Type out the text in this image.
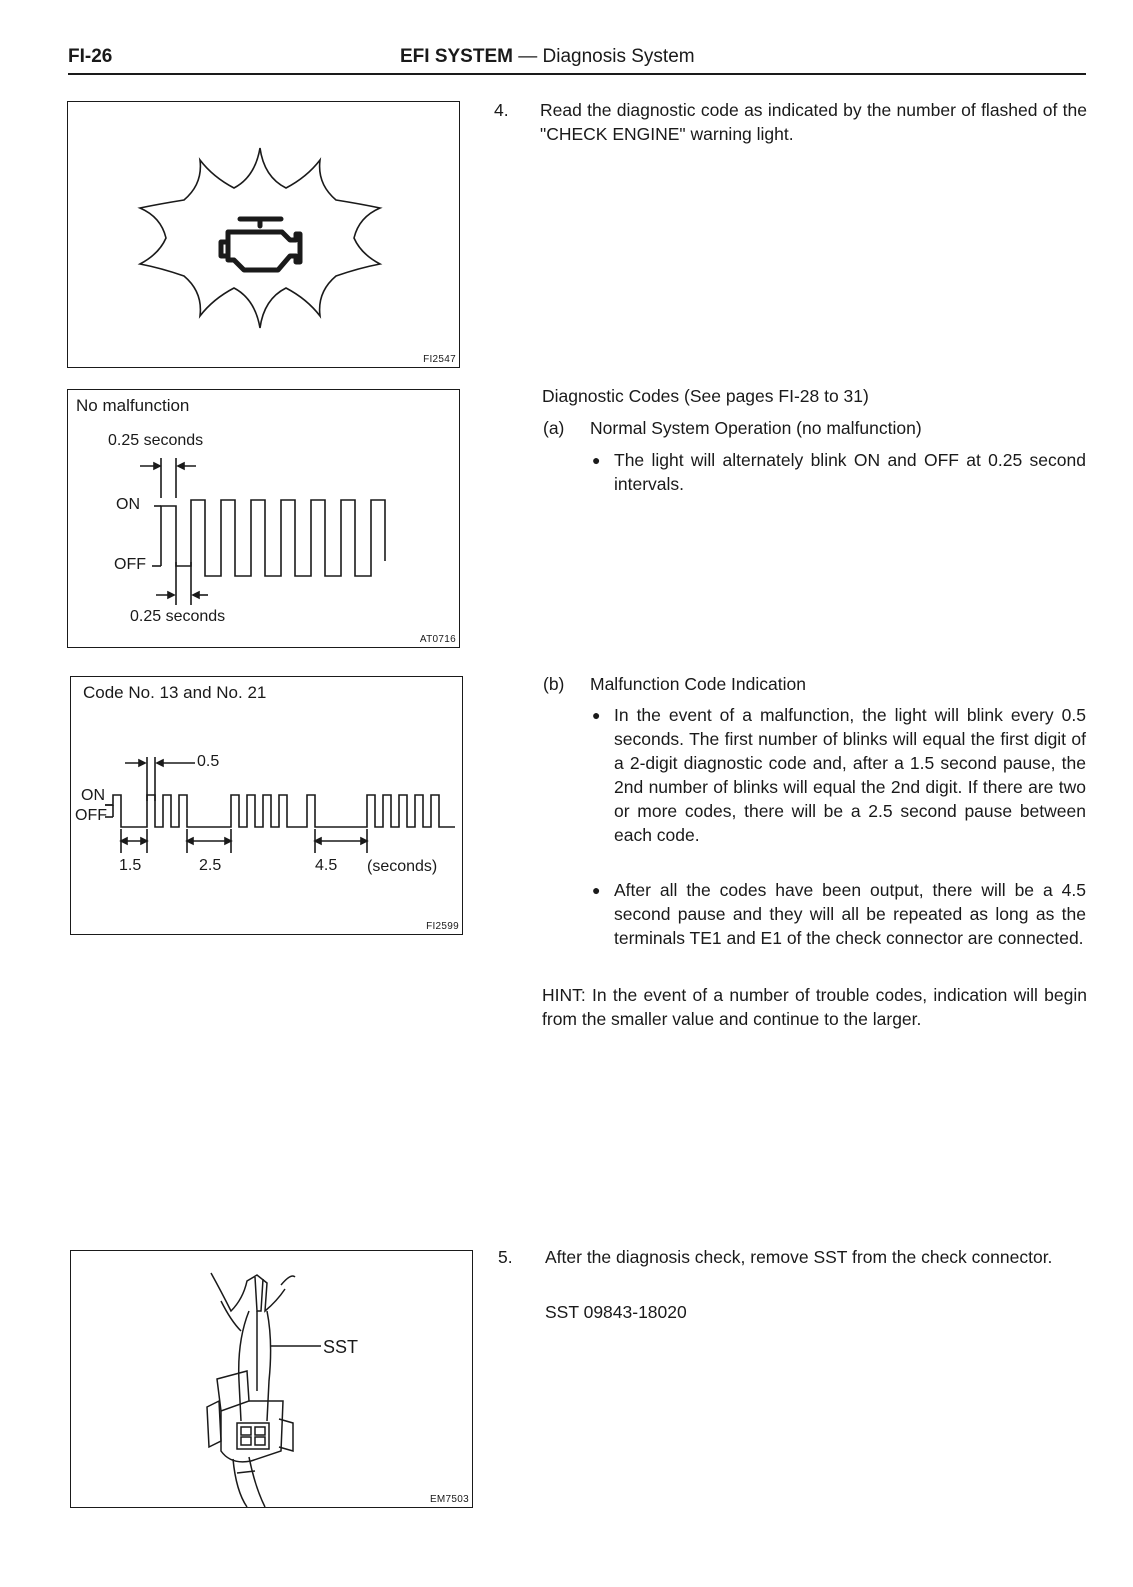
FI-26	EFI SYSTEM — Diagnosis System
FI2547
No malfunction
0.25 seconds
ON
OFF
0.25 seconds
AT0716
Code No. 13 and No. 21
0.5
ON
OFF
1.5	2.5	4.5 (seconds)
FI2599
SST
EM7503
4. Read the diagnostic code as indicated by the number of flashed of the "CHECK ENGINE" warning light.
Diagnostic Codes (See pages FI-28 to 31)
(a) Normal System Operation (no malfunction)
● The light will alternately blink ON and OFF at 0.25 second intervals.
(b) Malfunction Code Indication
● In the event of a malfunction, the light will blink every 0.5 seconds. The first number of blinks will equal the first digit of a 2-digit diagnostic code and, after a 1.5 second pause, the 2nd number of blinks will equal the 2nd digit. If there are two or more codes, there will be a 2.5 second pause between each code.
● After all the codes have been output, there will be a 4.5 second pause and they will all be repeated as long as the terminals TE1 and E1 of the check connector are connected.
HINT: In the event of a number of trouble codes, indication will begin from the smaller value and continue to the larger.
5. After the diagnosis check, remove SST from the check connector.
SST 09843-18020
